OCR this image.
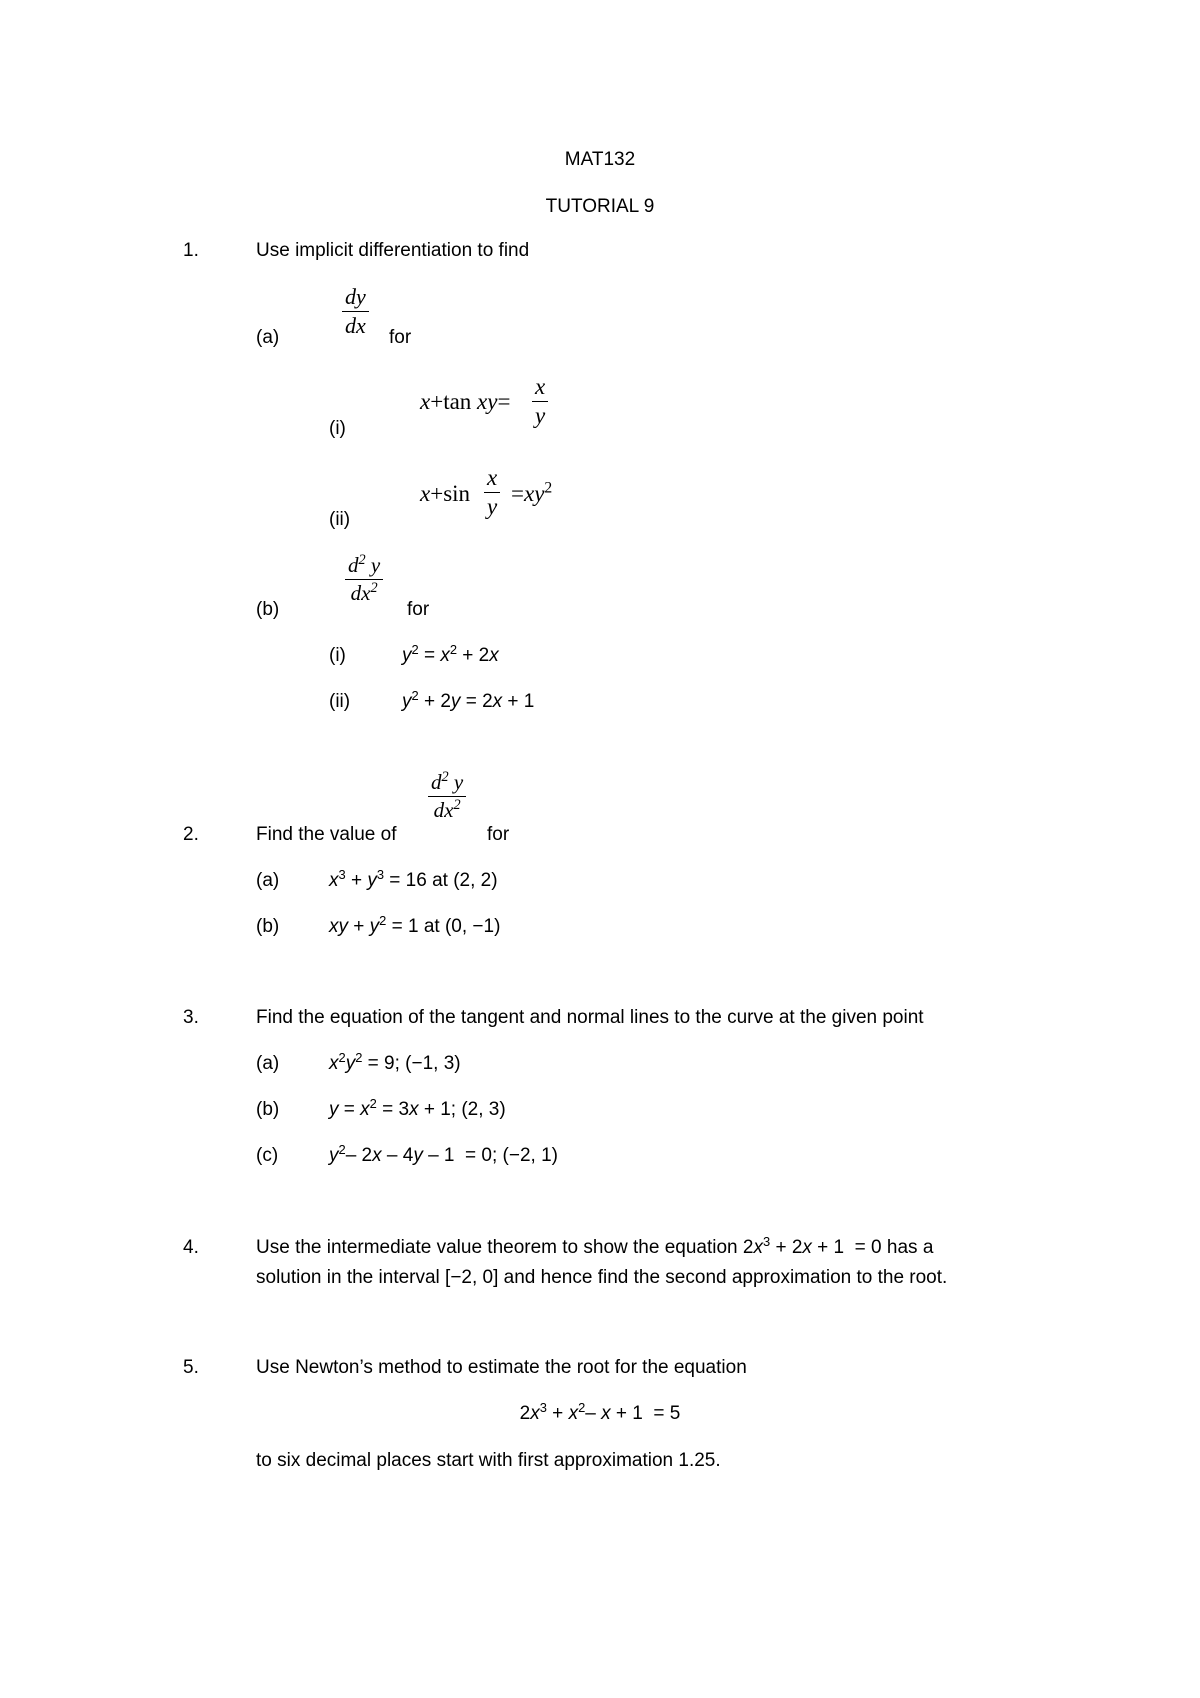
MAT132
TUTORIAL 9
1.	Use implicit differentiation to find
(a)
dy
dx for
(i)
x+tan xy=
x
y
(ii)
x+sin
x
y
$=xy^2$
(b)
$d^2$ y
$dx^2$
for
(i)	$y^2 = x^2 + 2x$
(ii)	$y^2 + 2y = 2x + 1$
$d^2$ y
$dx^2$
2.	Find the value of	for
(a)	$x^3 + y^3 = 16$ at (2, 2)
(b)	xy + $y^2 = 1$ at (0, −1)
3.	Find the equation of the tangent and normal lines to the curve at the given point
(a)	$x^2y^2 = 9$; (−1, 3)
(b)	$y = x^2 = 3x + 1$; (2, 3)
(c)	$y^2-$ 2x – 4y – 1  = 0; (−2, 1)
4.	Use the intermediate value theorem to show the equation $2x^3 + 2x + 1 = 0$ has a
solution in the interval [−2, 0] and hence find the second approximation to the root.
5.	Use Newton’s method to estimate the root for the equation
$2x^3 + x^2-$ x + 1  = 5
to six decimal places start with first approximation 1.25.
